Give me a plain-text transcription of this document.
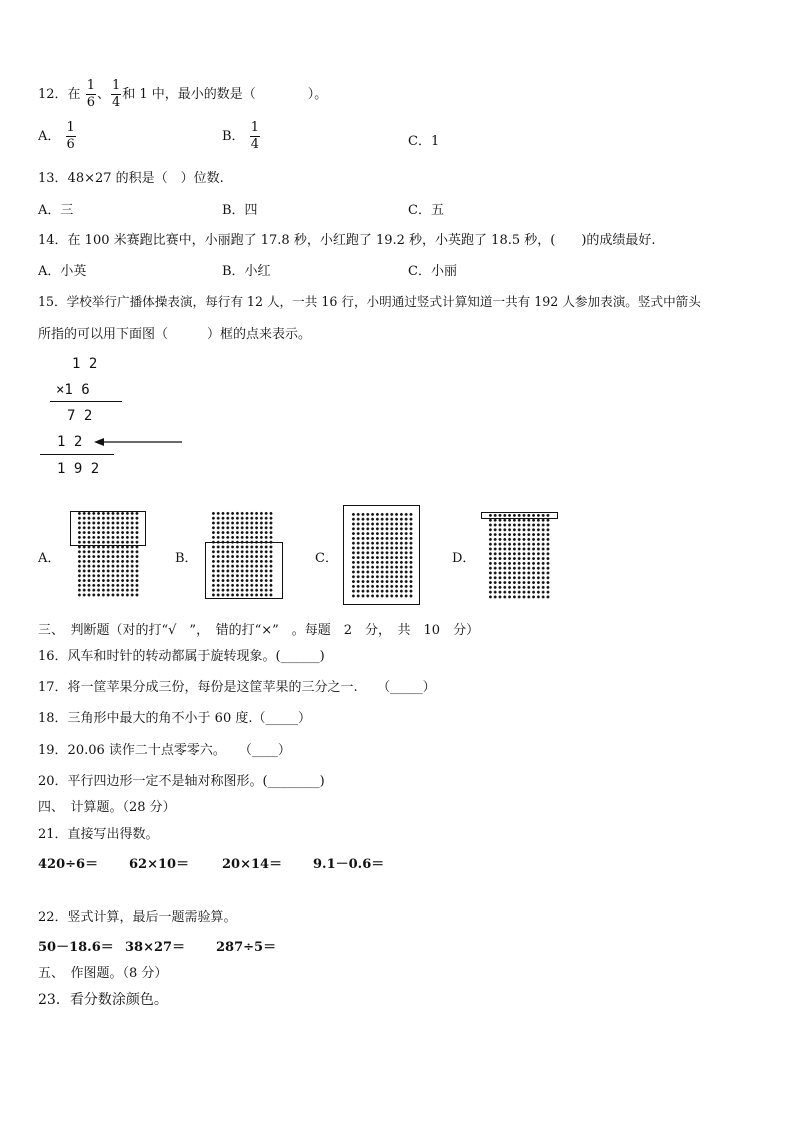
12．在 $\frac{1}{6}$ 、 $\frac{1}{4}$ 和 1 中，最小的数是（　　　　）。
A． $\frac{1}{6}$	B． $\frac{1}{4}$	C．1
13．48×27 的积是（　）位数.
A．三	B．四	C．五
14．在 100 米赛跑比赛中，小丽跑了 17.8 秒，小红跑了 19.2 秒，小英跑了 18.5 秒，(　　)的成绩最好.
A．小英	B．小红	C．小丽
15．学校举行广播体操表演，每行有 12 人，一共 16 行，小明通过竖式计算知道一共有 192 人参加表演。竖式中箭头
所指的可以用下面图（　　　）框的点来表示。
1 2
×1 6
7 2
1 2
1 9 2
A．	B．	C．	D．
三、　判断题（对的打“√　”，　错的打“×”　。每题　2　分，　共　10　分）
16．风车和时针的转动都属于旋转现象。(______)
17．将一筐苹果分成三份，每份是这筐苹果的三分之一.　　（_____）
18．三角形中最大的角不小于 60 度.（_____）
19．20.06 读作二十点零零六。　　（____）
20．平行四边形一定不是轴对称图形。(________)
四、　计算题。（28 分）
21．直接写出得数。
420÷6＝ 62×10＝	20×14＝ 9.1－0.6＝
22．竖式计算，最后一题需验算。
50－18.6＝ 38×27＝ 287÷5＝
五、　作图题。（8 分）
23．看分数涂颜色。
